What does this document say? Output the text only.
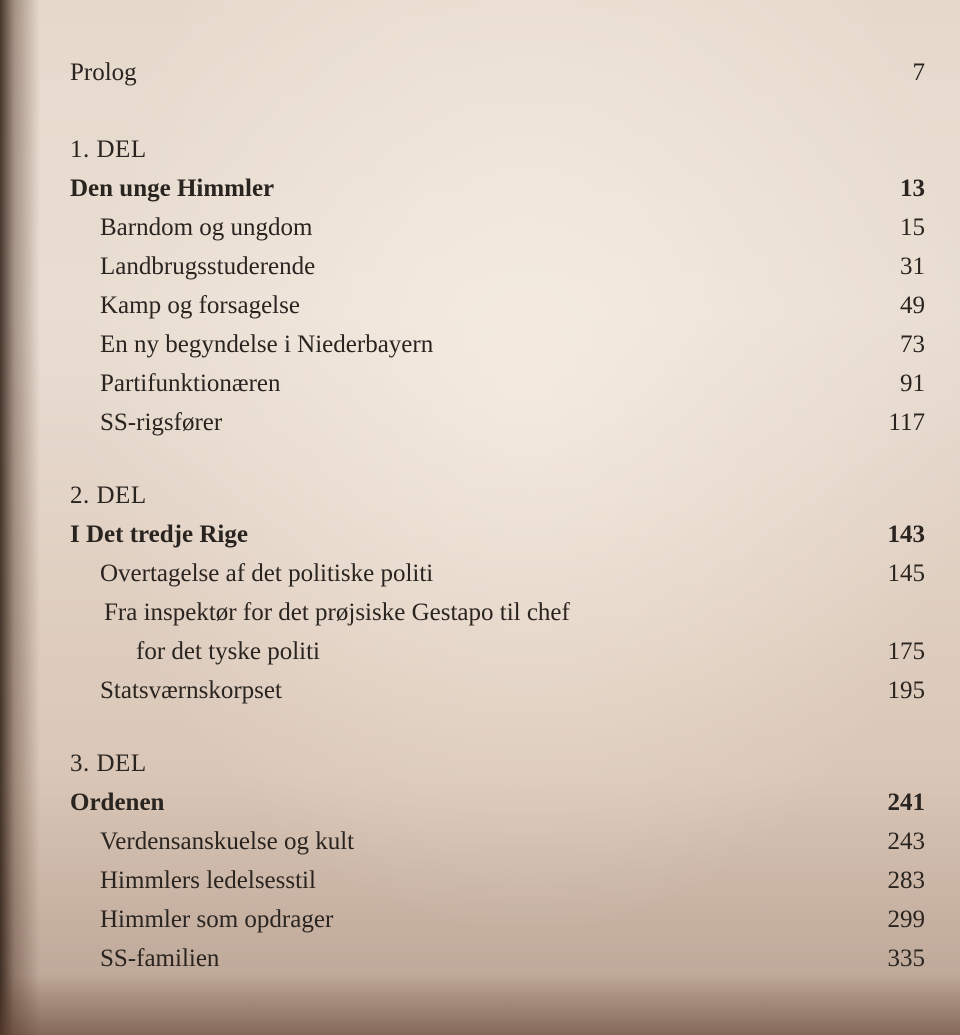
Prolog	7
1. DEL
Den unge Himmler	13
Barndom og ungdom	15
Landbrugsstuderende	31
Kamp og forsagelse	49
En ny begyndelse i Niederbayern	73
Partifunktionæren	91
SS-rigsfører	117
2. DEL
I Det tredje Rige	143
Overtagelse af det politiske politi	145
Fra inspektør for det prøjsiske Gestapo til chef
for det tyske politi	175
Statsværnskorpset	195
3. DEL
Ordenen	241
Verdensanskuelse og kult	243
Himmlers ledelsesstil	283
Himmler som opdrager	299
SS-familien	335
